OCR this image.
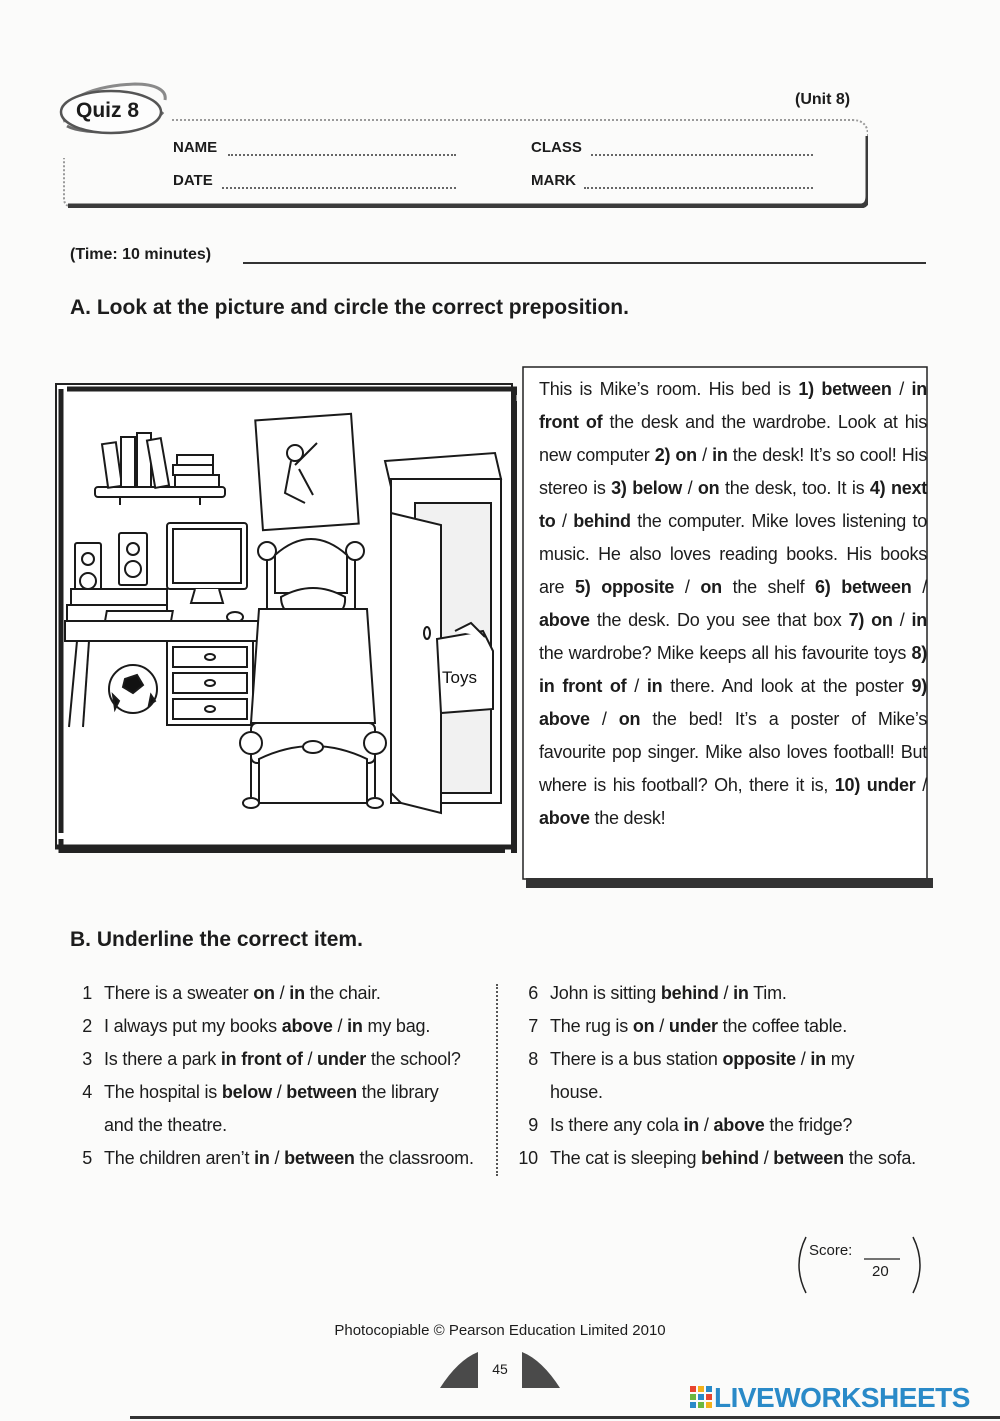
Quiz 8	(Unit 8)
NAME	CLASS
DATE	MARK
(Time: 10 minutes)
A. Look at the picture and circle the correct preposition.
Toys
This is Mike’s room. His bed is 1) between / in front of the desk and the wardrobe. Look at his new computer 2) on / in the desk! It’s so cool! His stereo is 3) below / on the desk, too. It is 4) next to / behind the computer. Mike loves listening to music. He also loves reading books. His books are 5) opposite / on the shelf 6) between / above the desk. Do you see that box 7) on / in the wardrobe? Mike keeps all his favourite toys 8) in front of / in there. And look at the poster 9) above / on the bed! It’s a poster of Mike’s favourite pop singer. Mike also loves football! But where is his football? Oh, there it is, 10) under / above the desk!
B. Underline the correct item.
1 There is a sweater on / in the chair.
2 I always put my books above / in my bag.
3 Is there a park in front of / under the school?
4 The hospital is below / between the library
and the theatre.
5 The children aren’t in / between the classroom.
6 John is sitting behind / in Tim.
7 The rug is on / under the coffee table.
8 There is a bus station opposite / in my
house.
9 Is there any cola in / above the fridge?
10 The cat is sleeping behind / between the sofa.
Score:
20
Photocopiable © Pearson Education Limited 2010
45
LIVEWORKSHEETS
